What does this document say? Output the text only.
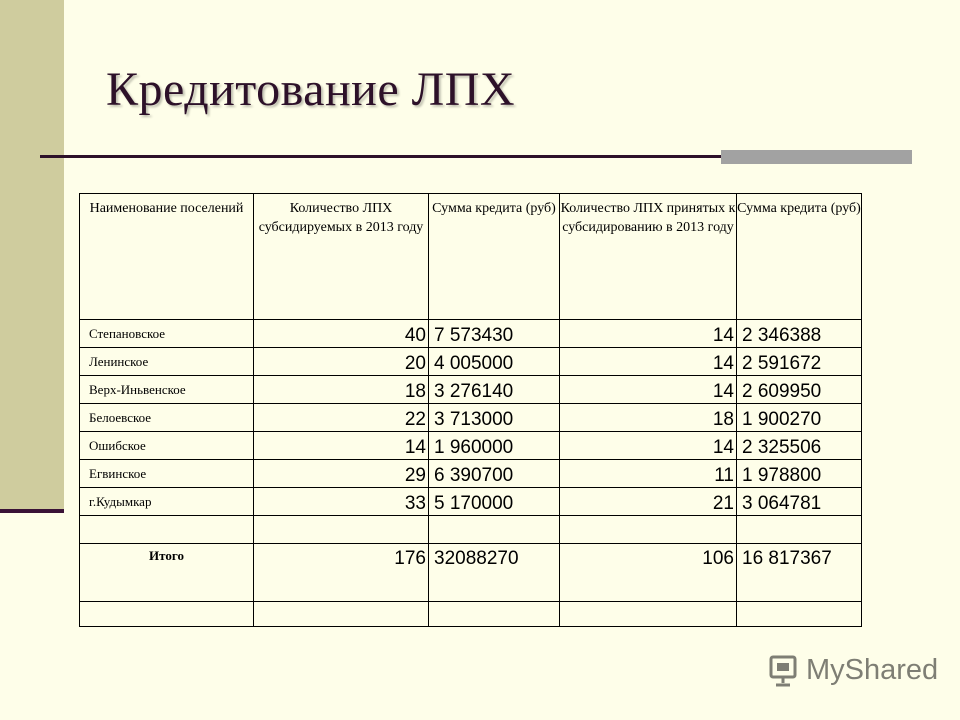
Кредитование ЛПХ
Наименование поселений	Количество ЛПХ субсидируемых в 2013 году	Сумма кредита (руб)	Количество ЛПХ принятых к субсидированию в 2013 году	Сумма кредита (руб)
Степановское	40	7 573430	14	2 346388
Ленинское	20	4 005000	14	2 591672
Верх-Иньвенское	18	3 276140	14	2 609950
Белоевское	22	3 713000	18	1 900270
Ошибское	14	1 960000	14	2 325506
Егвинское	29	6 390700	11	1 978800
г.Кудымкар	33	5 170000	21	3 064781

Итого	176	32088270	106	16 817367

MyShared
